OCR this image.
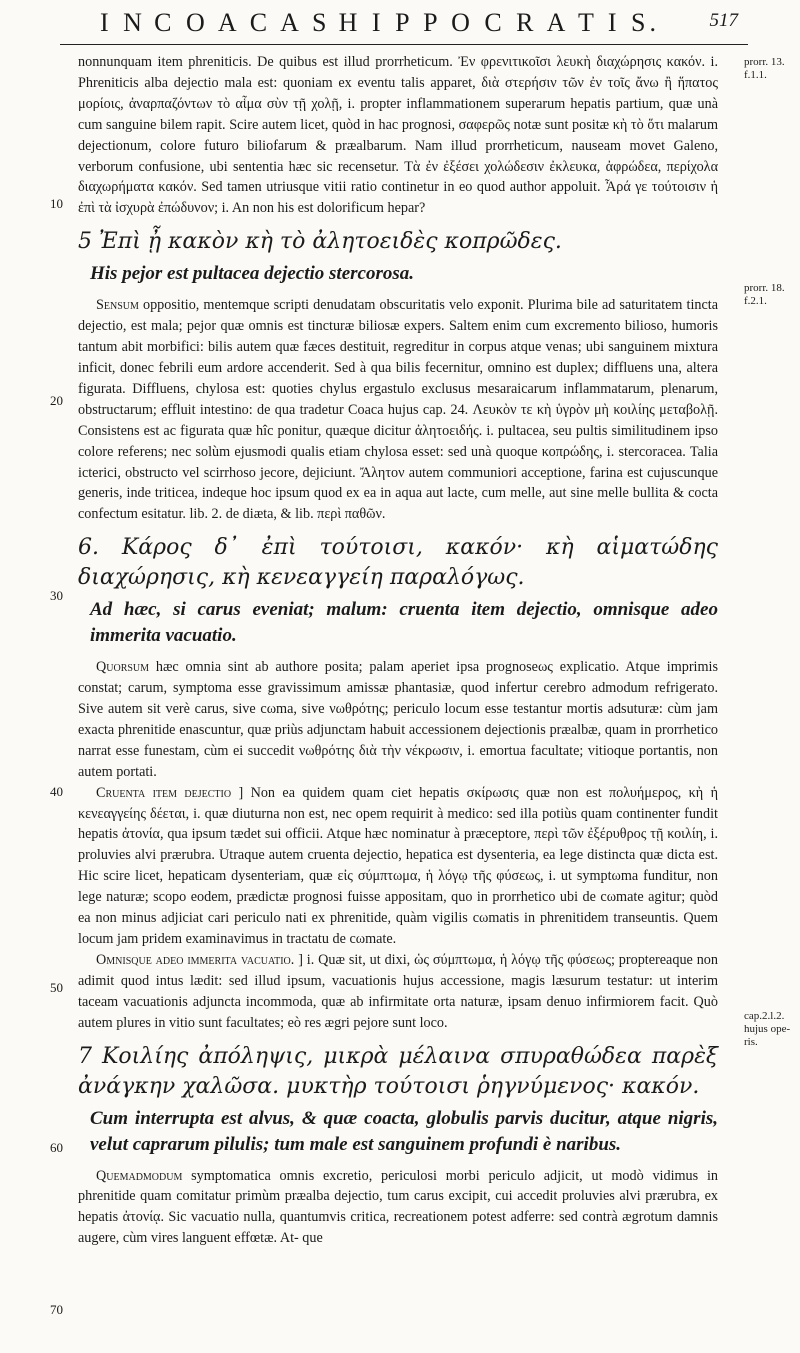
I N C O A C A S H I P P O C R A T I S.	517
prorr. 13. f.1.1.
prorr. 18. f.2.1.
cap.2.l.2. hujus ope-ris.
10
20
30
40
50
60
70

nonnunquam item phreniticis. De quibus est illud prorrheticum. Ἐν φρενιτικοῖσι λευκὴ διαχώρησις κακόν. i. Phreniticis alba dejectio mala est: quoniam ex eventu talis apparet, διὰ στερήσιν τῶν ἐν τοῖς ἄνω ἢ ἥπατος μορίοις, ἀναρπαζόντων τὸ αἷμα σὺν τῇ χολῇ, i. propter inflammationem superarum hepatis partium, quæ unà cum sanguine bilem rapit. Scire autem licet, quòd in hac prognosi, σαφερῶς notæ sunt positæ κὴ τὸ ὅτι malarum dejectionum, colore futuro biliofarum & præalbarum. Nam illud prorrheticum, nauseam movet Galeno, verborum confusione, ubi sententia hæc sic recensetur. Τὰ ἐν ἐξέσει χολώδεσιν ἐκλευκα, ἀφρώδεα, περίχολα διαχωρήματα κακόν. Sed tamen utriusque vitii ratio continetur in eo quod author appoluit. Ἆρά γε τούτοισιν ἡ ἐπὶ τὰ ἰσχυρὰ ἐπώδυνον; i. An non his est dolorificum hepar?

5 Ἐπὶ ᾖ κακὸν κὴ τὸ ἀλητοειδὲς κοπρῶδες.
His pejor est pultacea dejectio stercorosa.

Sensum oppositio, mentemque scripti denudatam obscuritatis velo exponit. Plurima bile ad saturitatem tincta dejectio, est mala; pejor quæ omnis est tincturæ biliosæ expers. Saltem enim cum excremento bilioso, humoris tantum abit morbifici: bilis autem quæ fæces destituit, regreditur in corpus atque venas; ubi sanguinem mixtura inficit, donec febrili eum ardore accenderit. Sed à qua bilis fecernitur, omnino est duplex; diffluens una, altera figurata. Diffluens, chylosa est: quoties chylus ergastulo exclusus mesaraicarum inflammatarum, plenarum, obstructarum; effluit intestino: de qua tradetur Coaca hujus cap. 24. Λευκὸν τε κὴ ὑγρὸν μὴ κοιλίης μεταβολῇ. Consistens est ac figurata quæ hîc ponitur, quæque dicitur ἀλητοειδής. i. pultacea, seu pultis similitudinem ipso colore referens; nec solùm ejusmodi qualis etiam chylosa esset: sed unà quoque κοπρώδης, i. stercoracea. Talia icterici, obstructo vel scirrhoso jecore, dejiciunt. Ἄλητον autem communiori acceptione, farina est cujuscunque generis, inde triticea, indeque hoc ipsum quod ex ea in aqua aut lacte, cum melle, aut sine melle bullita & cocta confectum esitatur. lib. 2. de diæta, & lib. περὶ παθῶν.

6. Κάρος δ᾽ ἐπὶ τούτοισι, κακόν· κὴ αἱματώδης διαχώρησις, κὴ κενεαγγείη παραλόγως.
Ad hæc, si carus eveniat; malum: cruenta item dejectio, omnisque adeo immerita vacuatio.

Quorsum hæc omnia sint ab authore posita; palam aperiet ipsa prognoseως explicatio. Atque imprimis constat; carum, symptoma esse gravissimum amissæ phantasiæ, quod infertur cerebro admodum refrigerato. Sive autem sit verè carus, sive cωma, sive νωθρότης; periculo locum esse testantur mortis adsuturæ: cùm jam exacta phrenitide enascuntur, quæ priùs adjunctam habuit accessionem dejectionis præalbæ, quam in prorrhetico narrat esse funestam, cùm ei succedit νωθρότης διὰ τὴν νέκρωσιν, i. emortua facultate; vitioque portantis, non autem portati.

Cruenta item dejectio ] Non ea quidem quam ciet hepatis σκίρωσις quæ non est πολυήμερος, κὴ ἡ κενεαγγείης δέεται, i. quæ diuturna non est, nec opem requirit à medico: sed illa potiùs quam continenter fundit hepatis ἀτονία, qua ipsum tædet sui officii. Atque hæc nominatur à præceptore, περὶ τῶν ἐξέρυθρος τῇ κοιλίη, i. proluvies alvi prærubra. Utraque autem cruenta dejectio, hepatica est dysenteria, ea lege distincta quæ dicta est. Hic scire licet, hepaticam dysenteriam, quæ εἰς σύμπτωμα, ἡ λόγῳ τῆς φύσεως, i. ut symptωma funditur, non lege naturæ; scopo eodem, prædictæ prognosi fuisse appositam, quo in prorrhetico ubi de cωmate agitur; quòd ea non minus adjiciat cari periculo nati ex phrenitide, quàm vigilis cωmatis in phrenitidem transeuntis. Quem locum jam pridem examinavimus in tractatu de cωmate.

Omnisque adeo immerita vacuatio. ] i. Quæ sit, ut dixi, ὡς σύμπτωμα, ἡ λόγῳ τῆς φύσεως; proptereaque non adimit quod intus lædit: sed illud ipsum, vacuationis hujus accessione, magis læsurum testatur: ut interim taceam vacuationis adjuncta incommoda, quæ ab infirmitate orta naturæ, ipsam denuo infirmiorem facit. Quò autem plures in vitio sunt facultates; eò res ægri pejore sunt loco.

7 Κοιλίης ἀπόληψις, μικρὰ μέλαινα σπυραθώδεα παρὲξ ἀνάγκην χαλῶσα. μυκτὴρ τούτοισι ῥηγνύμενος· κακόν.
Cum interrupta est alvus, & quæ coacta, globulis parvis ducitur, atque nigris, velut caprarum pilulis; tum male est sanguinem profundi è naribus.

Quemadmodum symptomatica omnis excretio, periculosi morbi periculo adjicit, ut modò vidimus in phrenitide quam comitatur primùm præalba dejectio, tum carus excipit, cui accedit proluvies alvi prærubra, ex hepatis ἀτονίᾳ. Sic vacuatio nulla, quantumvis critica, recreationem potest adferre: sed contrà ægrotum damnis augere, cùm vires languent effœtæ. At- que
